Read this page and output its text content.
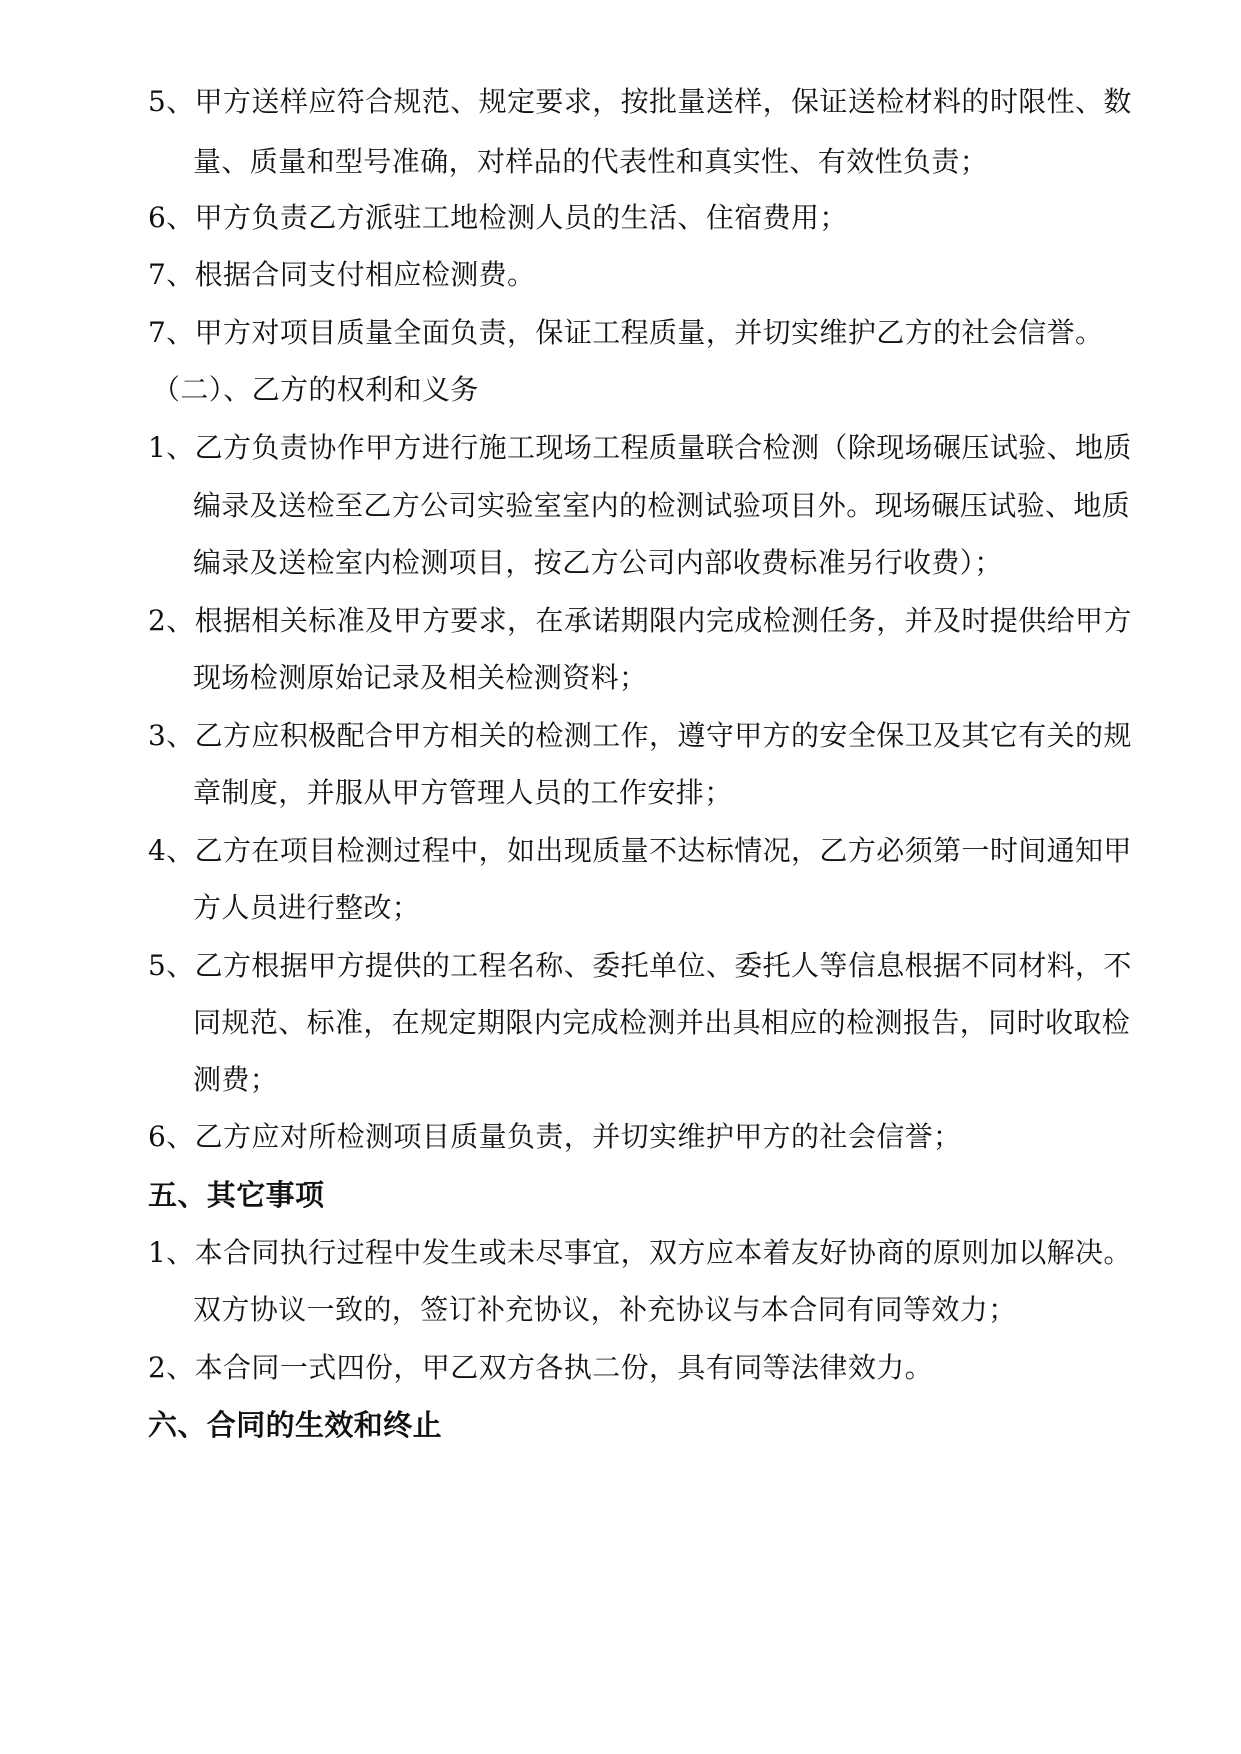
5、甲方送样应符合规范、规定要求，按批量送样，保证送检材料的时限性、数
量、质量和型号准确，对样品的代表性和真实性、有效性负责；
6、甲方负责乙方派驻工地检测人员的生活、住宿费用；
7、根据合同支付相应检测费。
7、甲方对项目质量全面负责，保证工程质量，并切实维护乙方的社会信誉。
（二）、乙方的权利和义务
1、乙方负责协作甲方进行施工现场工程质量联合检测（除现场碾压试验、地质
编录及送检至乙方公司实验室室内的检测试验项目外。现场碾压试验、地质
编录及送检室内检测项目，按乙方公司内部收费标准另行收费）；
2、根据相关标准及甲方要求，在承诺期限内完成检测任务，并及时提供给甲方
现场检测原始记录及相关检测资料；
3、乙方应积极配合甲方相关的检测工作，遵守甲方的安全保卫及其它有关的规
章制度，并服从甲方管理人员的工作安排；
4、乙方在项目检测过程中，如出现质量不达标情况，乙方必须第一时间通知甲
方人员进行整改；
5、乙方根据甲方提供的工程名称、委托单位、委托人等信息根据不同材料，不
同规范、标准，在规定期限内完成检测并出具相应的检测报告，同时收取检
测费；
6、乙方应对所检测项目质量负责，并切实维护甲方的社会信誉；
五、其它事项
1、本合同执行过程中发生或未尽事宜，双方应本着友好协商的原则加以解决。
双方协议一致的，签订补充协议，补充协议与本合同有同等效力；
2、本合同一式四份，甲乙双方各执二份，具有同等法律效力。
六、合同的生效和终止
